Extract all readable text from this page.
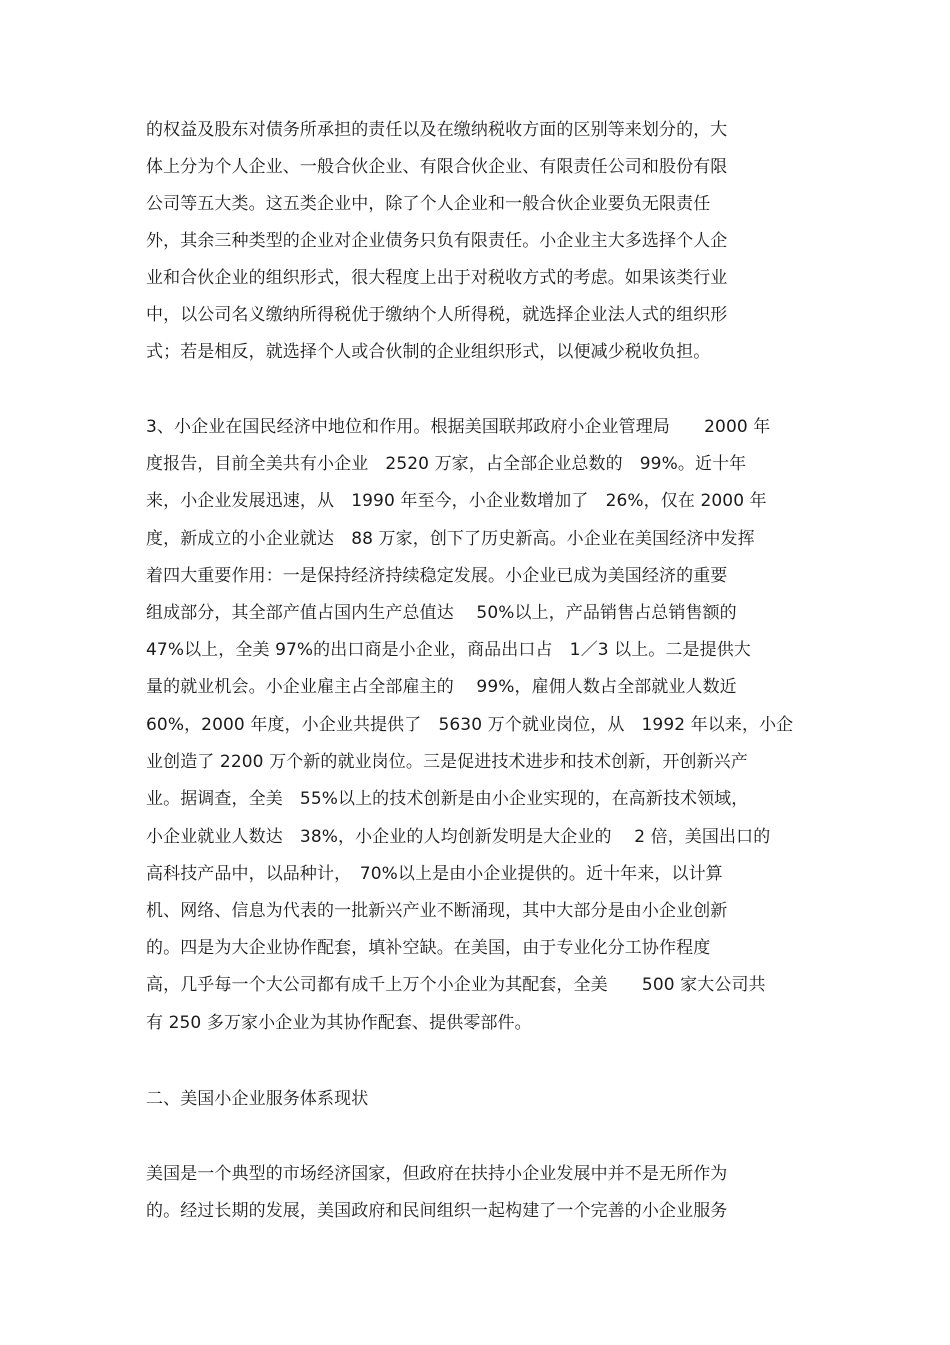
的权益及股东对债务所承担的责任以及在缴纳税收方面的区别等来划分的，大
体上分为个人企业、一般合伙企业、有限合伙企业、有限责任公司和股份有限
公司等五大类。这五类企业中，除了个人企业和一般合伙企业要负无限责任
外，其余三种类型的企业对企业债务只负有限责任。小企业主大多选择个人企
业和合伙企业的组织形式，很大程度上出于对税收方式的考虑。如果该类行业
中，以公司名义缴纳所得税优于缴纳个人所得税，就选择企业法人式的组织形
式；若是相反，就选择个人或合伙制的企业组织形式，以便减少税收负担。
3、小企业在国民经济中地位和作用。根据美国联邦政府小企业管理局　　2000 年
度报告，目前全美共有小企业　2520 万家，占全部企业总数的　99%。近十年
来，小企业发展迅速，从　1990 年至今，小企业数增加了　26%，仅在 2000 年
度，新成立的小企业就达　88 万家，创下了历史新高。小企业在美国经济中发挥
着四大重要作用：一是保持经济持续稳定发展。小企业已成为美国经济的重要
组成部分，其全部产值占国内生产总值达　 50%以上，产品销售占总销售额的
47%以上，全美 97%的出口商是小企业，商品出口占　1／3 以上。二是提供大
量的就业机会。小企业雇主占全部雇主的　 99%，雇佣人数占全部就业人数近
60%，2000 年度，小企业共提供了　5630 万个就业岗位，从　1992 年以来，小企
业创造了 2200 万个新的就业岗位。三是促进技术进步和技术创新，开创新兴产
业。据调查，全美　55%以上的技术创新是由小企业实现的，在高新技术领域，
小企业就业人数达　38%，小企业的人均创新发明是大企业的　 2 倍，美国出口的
高科技产品中，以品种计，　70%以上是由小企业提供的。近十年来，以计算
机、网络、信息为代表的一批新兴产业不断涌现，其中大部分是由小企业创新
的。四是为大企业协作配套，填补空缺。在美国，由于专业化分工协作程度
高，几乎每一个大公司都有成千上万个小企业为其配套，全美　　500 家大公司共
有 250 多万家小企业为其协作配套、提供零部件。
二、美国小企业服务体系现状
美国是一个典型的市场经济国家，但政府在扶持小企业发展中并不是无所作为
的。经过长期的发展，美国政府和民间组织一起构建了一个完善的小企业服务
